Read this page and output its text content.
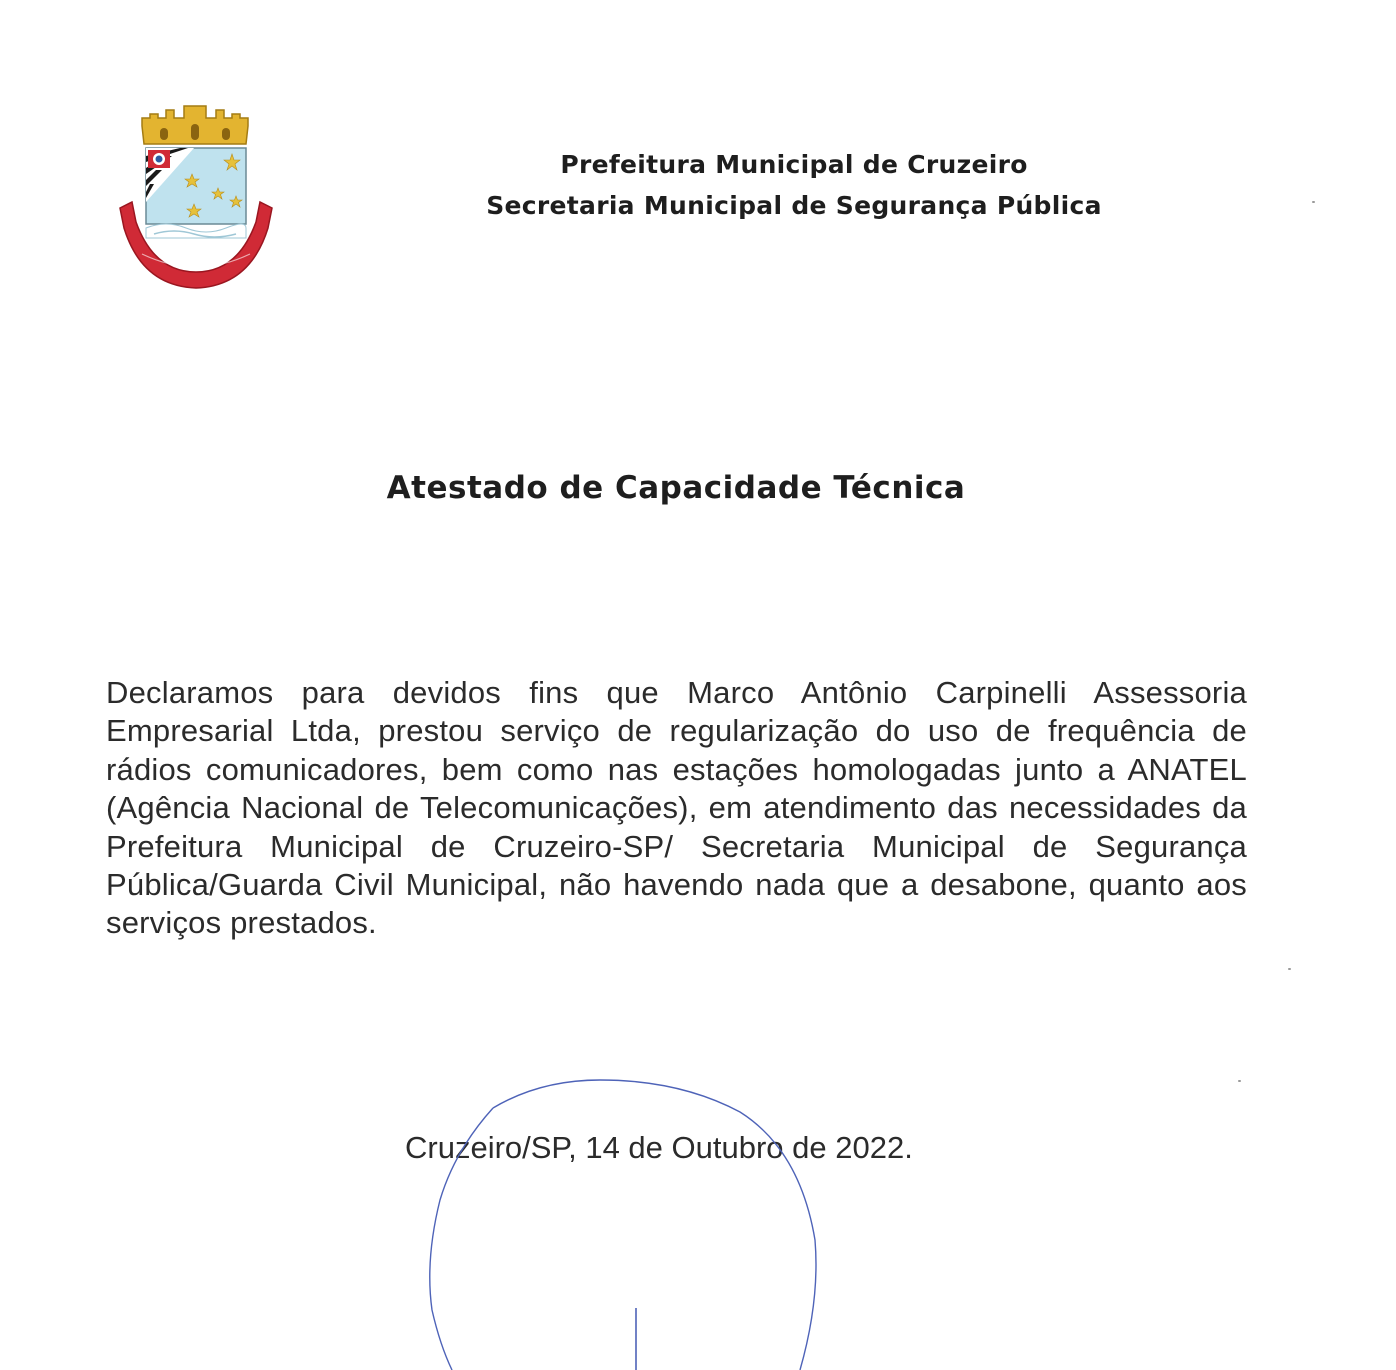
Prefeitura Municipal de Cruzeiro
Secretaria Municipal de Segurança Pública
Atestado de Capacidade Técnica
Declaramos para devidos fins que Marco Antônio Carpinelli Assessoria Empresarial Ltda, prestou serviço de regularização do uso de frequência de rádios comunicadores, bem como nas estações homologadas junto a ANATEL (Agência Nacional de Telecomunicações), em atendimento das necessidades da Prefeitura Municipal de Cruzeiro-SP/ Secretaria Municipal de Segurança Pública/Guarda Civil Municipal, não havendo nada que a desabone, quanto aos serviços prestados.
Cruzeiro/SP, 14 de Outubro de 2022.
